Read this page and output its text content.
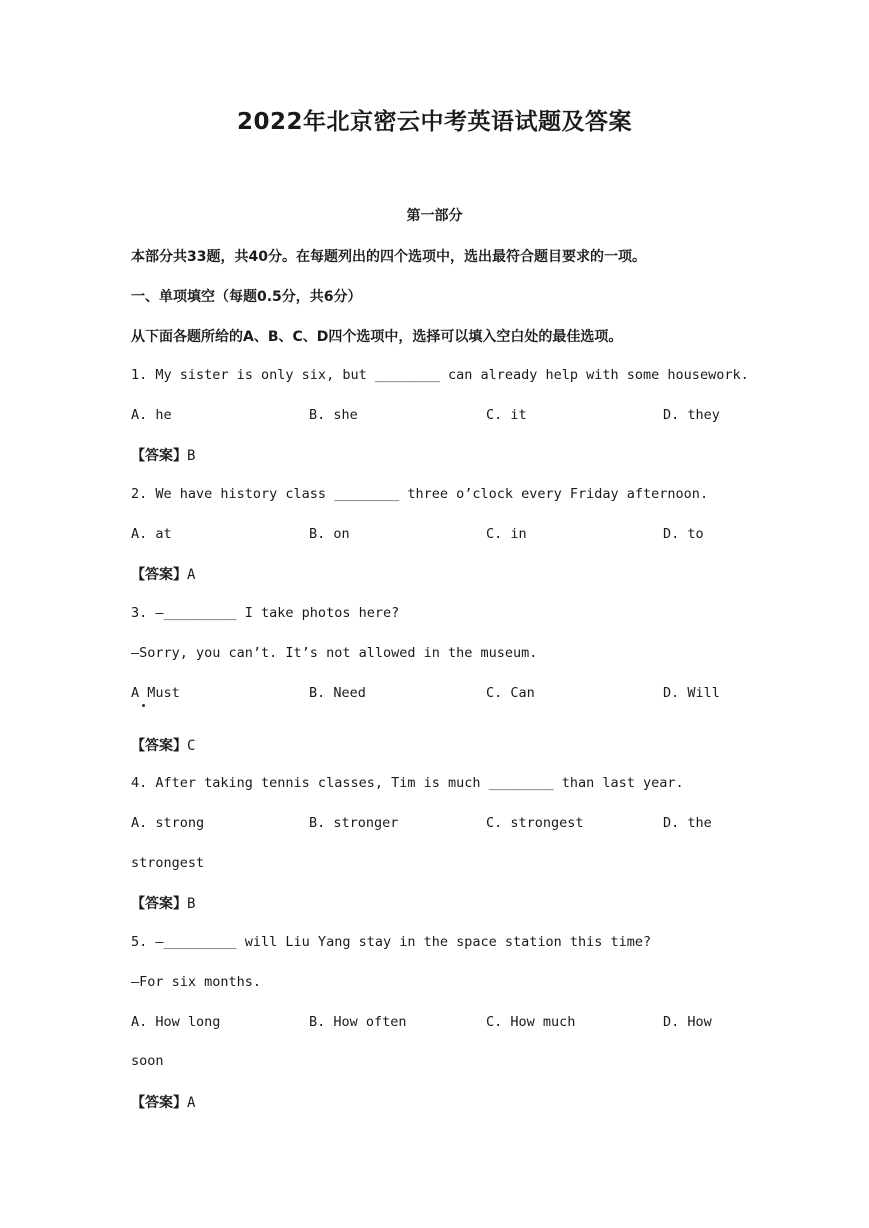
2022年北京密云中考英语试题及答案
第一部分
本部分共33题，共40分。在每题列出的四个选项中，选出最符合题目要求的一项。
一、单项填空（每题0.5分，共6分）
从下面各题所给的A、B、C、D四个选项中，选择可以填入空白处的最佳选项。
1. My sister is only six, but ________ can already help with some housework.
A. he	B. she	C. it	D. they
【答案】B
2. We have history class ________ three o’clock every Friday afternoon.
A. at	B. on	C. in	D. to
【答案】A
3. —_________ I take photos here?
—Sorry, you can’t. It’s not allowed in the museum.
A Must	B. Need	C. Can	D. Will
【答案】C
4. After taking tennis classes, Tim is much ________ than last year.
A. strong	B. stronger	C. strongest	D. the
strongest
【答案】B
5. —_________ will Liu Yang stay in the space station this time?
—For six months.
A. How long	B. How often	C. How much	D. How
soon
【答案】A
